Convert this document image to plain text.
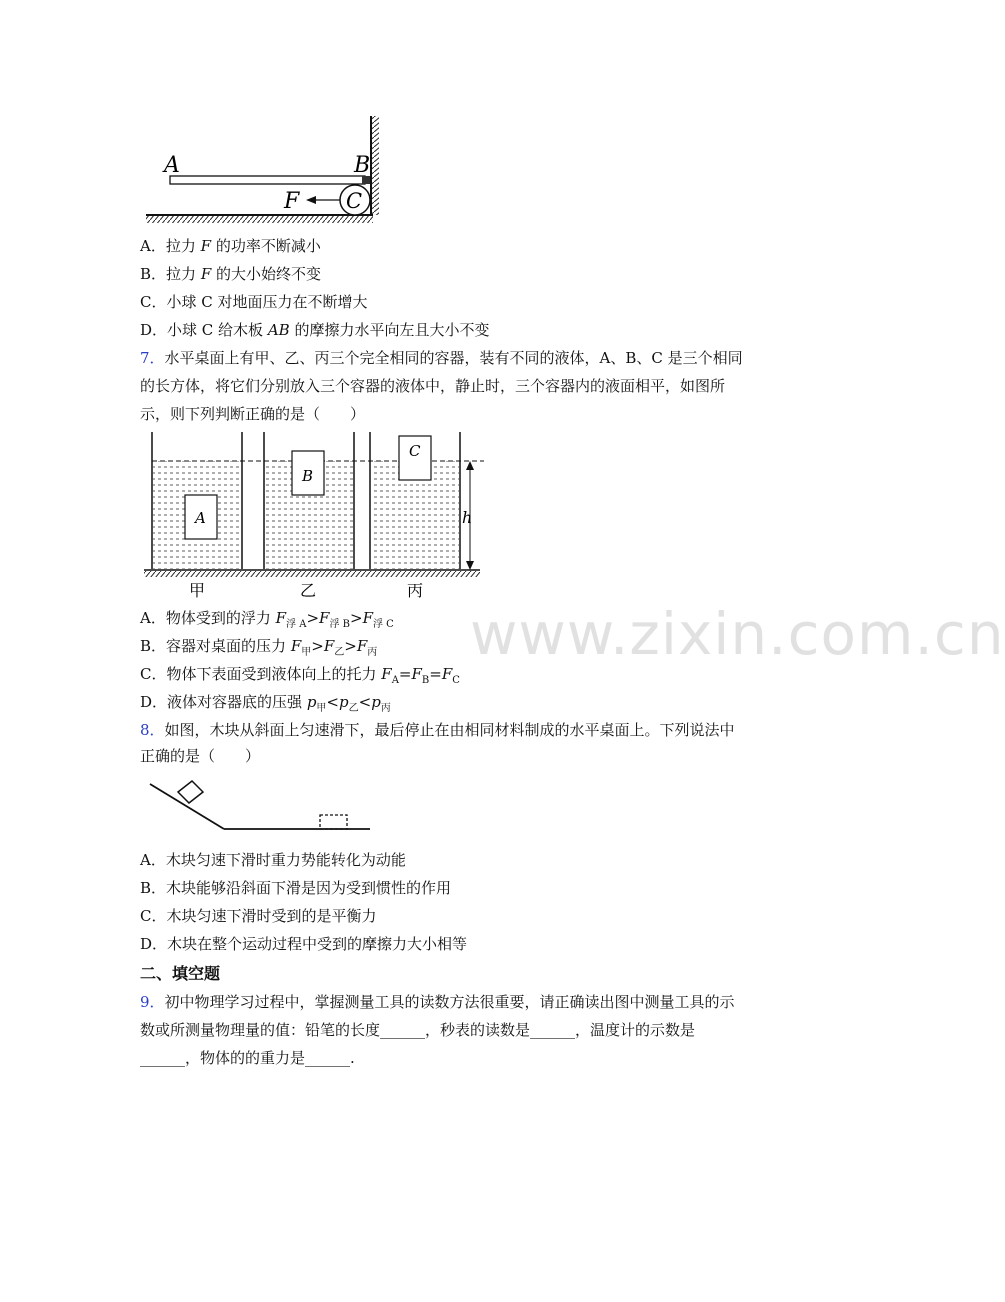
A	B
C
F
A．拉力 F 的功率不断减小
B．拉力 F 的大小始终不变
C．小球 C 对地面压力在不断增大
D．小球 C 给木板 AB 的摩擦力水平向左且大小不变
7．水平桌面上有甲、乙、丙三个完全相同的容器，装有不同的液体，A、B、C 是三个相同
的长方体，将它们分别放入三个容器的液体中，静止时，三个容器内的液面相平，如图所
示，则下列判断正确的是（　　）
A
B
C
h
甲	乙	丙
A．物体受到的浮力 $F_{浮 A}>F_{浮 B}>F_{浮 C}$
B．容器对桌面的压力 $F_甲>F_乙>F_丙$
C．物体下表面受到液体向上的托力 $F_A=F_B=F_C$
D．液体对容器底的压强 $p_甲<p_乙<p_丙$
8．如图，木块从斜面上匀速滑下，最后停止在由相同材料制成的水平桌面上。下列说法中
正确的是（　　）
A．木块匀速下滑时重力势能转化为动能
B．木块能够沿斜面下滑是因为受到惯性的作用
C．木块匀速下滑时受到的是平衡力
D．木块在整个运动过程中受到的摩擦力大小相等
二、填空题
9．初中物理学习过程中，掌握测量工具的读数方法很重要，请正确读出图中测量工具的示
数或所测量物理量的值：铅笔的长度______，秒表的读数是______，温度计的示数是
______，物体的的重力是______.
www.zixin.com.cn
